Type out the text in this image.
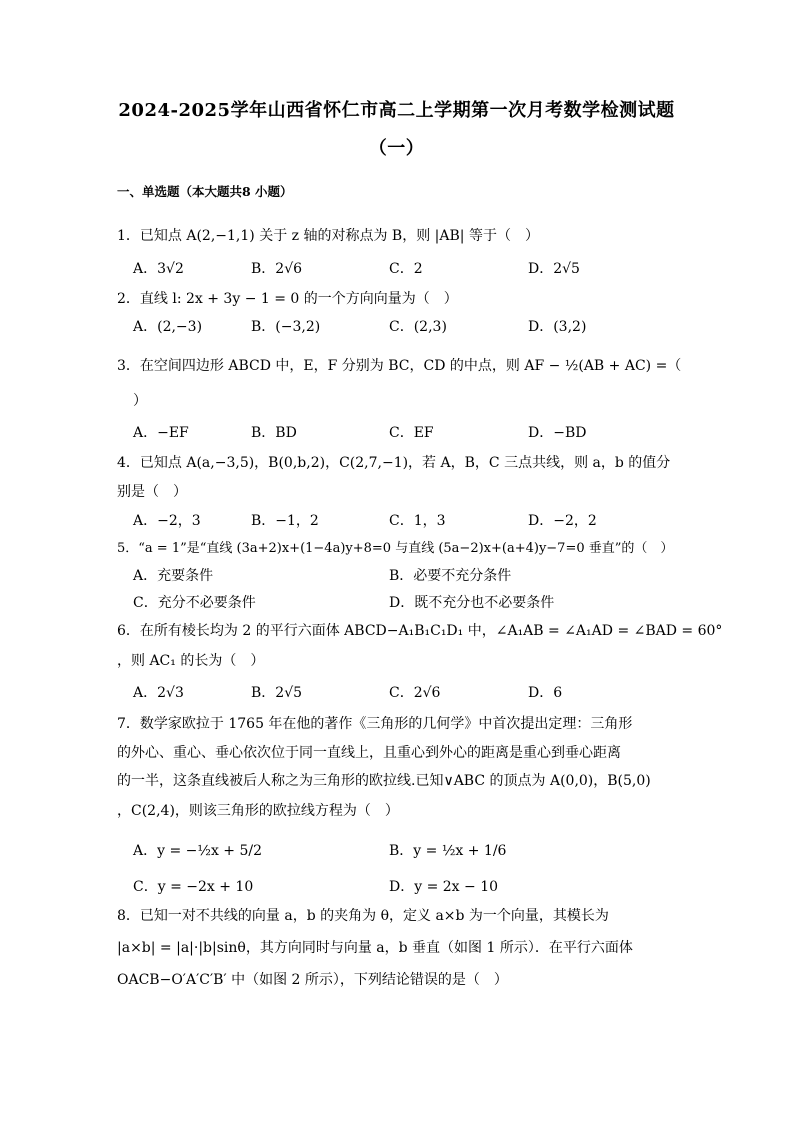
2024-2025学年山西省怀仁市高二上学期第一次月考数学检测试题
（一）
一、单选题（本大题共8 小题）
1．已知点 A(2,−1,1) 关于 z 轴的对称点为 B，则 |AB| 等于（　）
A．3√2	B．2√6	C．2	D．2√5
2．直线 l: 2x + 3y − 1 = 0 的一个方向向量为（　）
A．(2,−3)	B．(−3,2)	C．(2,3)	D．(3,2)
3．在空间四边形 ABCD 中，E，F 分别为 BC，CD 的中点，则 AF − ½(AB + AC) =（
）
A．−EF	B．BD	C．EF	D．−BD
4．已知点 A(a,−3,5)，B(0,b,2)，C(2,7,−1)，若 A，B，C 三点共线，则 a，b 的值分
别是（　）
A．−2，3	B．−1，2	C．1，3	D．−2，2
5．“a = 1”是“直线 (3a+2)x+(1−4a)y+8=0 与直线 (5a−2)x+(a+4)y−7=0 垂直”的（　）
A．充要条件	B．必要不充分条件
C．充分不必要条件	D．既不充分也不必要条件
6．在所有棱长均为 2 的平行六面体 ABCD−A₁B₁C₁D₁ 中，∠A₁AB = ∠A₁AD = ∠BAD = 60°
，则 AC₁ 的长为（　）
A．2√3	B．2√5	C．2√6	D．6
7．数学家欧拉于 1765 年在他的著作《三角形的几何学》中首次提出定理：三角形
的外心、重心、垂心依次位于同一直线上，且重心到外心的距离是重心到垂心距离
的一半，这条直线被后人称之为三角形的欧拉线.已知∨ABC 的顶点为 A(0,0)，B(5,0)
，C(2,4)，则该三角形的欧拉线方程为（　）
A．y = −½x + 5/2	B．y = ½x + 1/6
C．y = −2x + 10	D．y = 2x − 10
8．已知一对不共线的向量 a，b 的夹角为 θ，定义 a×b 为一个向量，其模长为
|a×b| = |a|·|b|sinθ，其方向同时与向量 a，b 垂直（如图 1 所示）．在平行六面体
OACB−O′A′C′B′ 中（如图 2 所示），下列结论错误的是（　）
